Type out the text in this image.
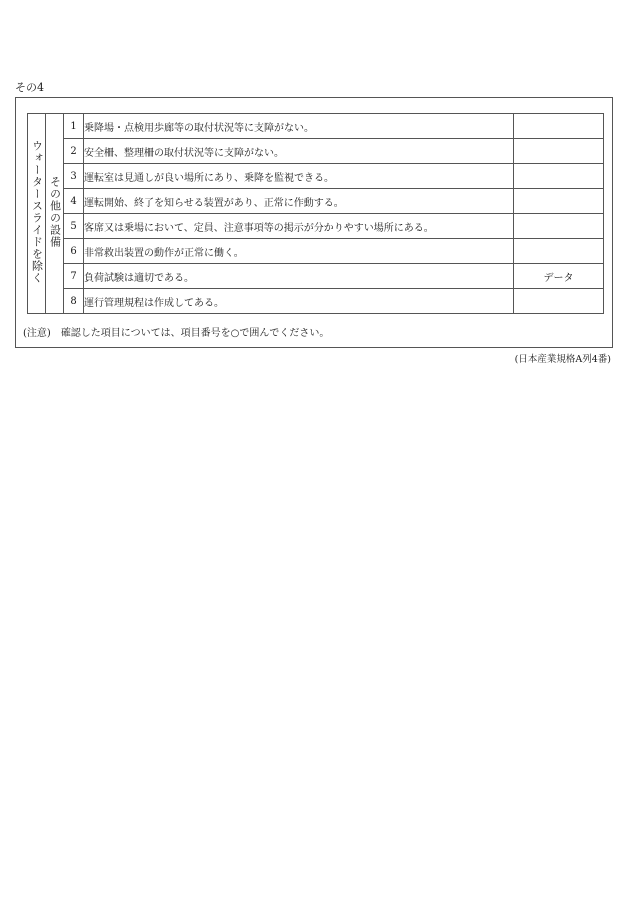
その4
ウォータースライドを除く	その他の設備	1	乗降場・点検用歩廊等の取付状況等に支障がない。	
		2	安全柵、整理柵の取付状況等に支障がない。	
		3	運転室は見通しが良い場所にあり、乗降を監視できる。	
		4	運転開始、終了を知らせる装置があり、正常に作動する。	
		5	客席又は乗場において、定員、注意事項等の掲示が分かりやすい場所にある。	
		6	非常救出装置の動作が正常に働く。	
		7	負荷試験は適切である。	データ
		8	運行管理規程は作成してある。	
(注意) 確認した項目については、項目番号を○で囲んでください。
(日本産業規格A列4番)
